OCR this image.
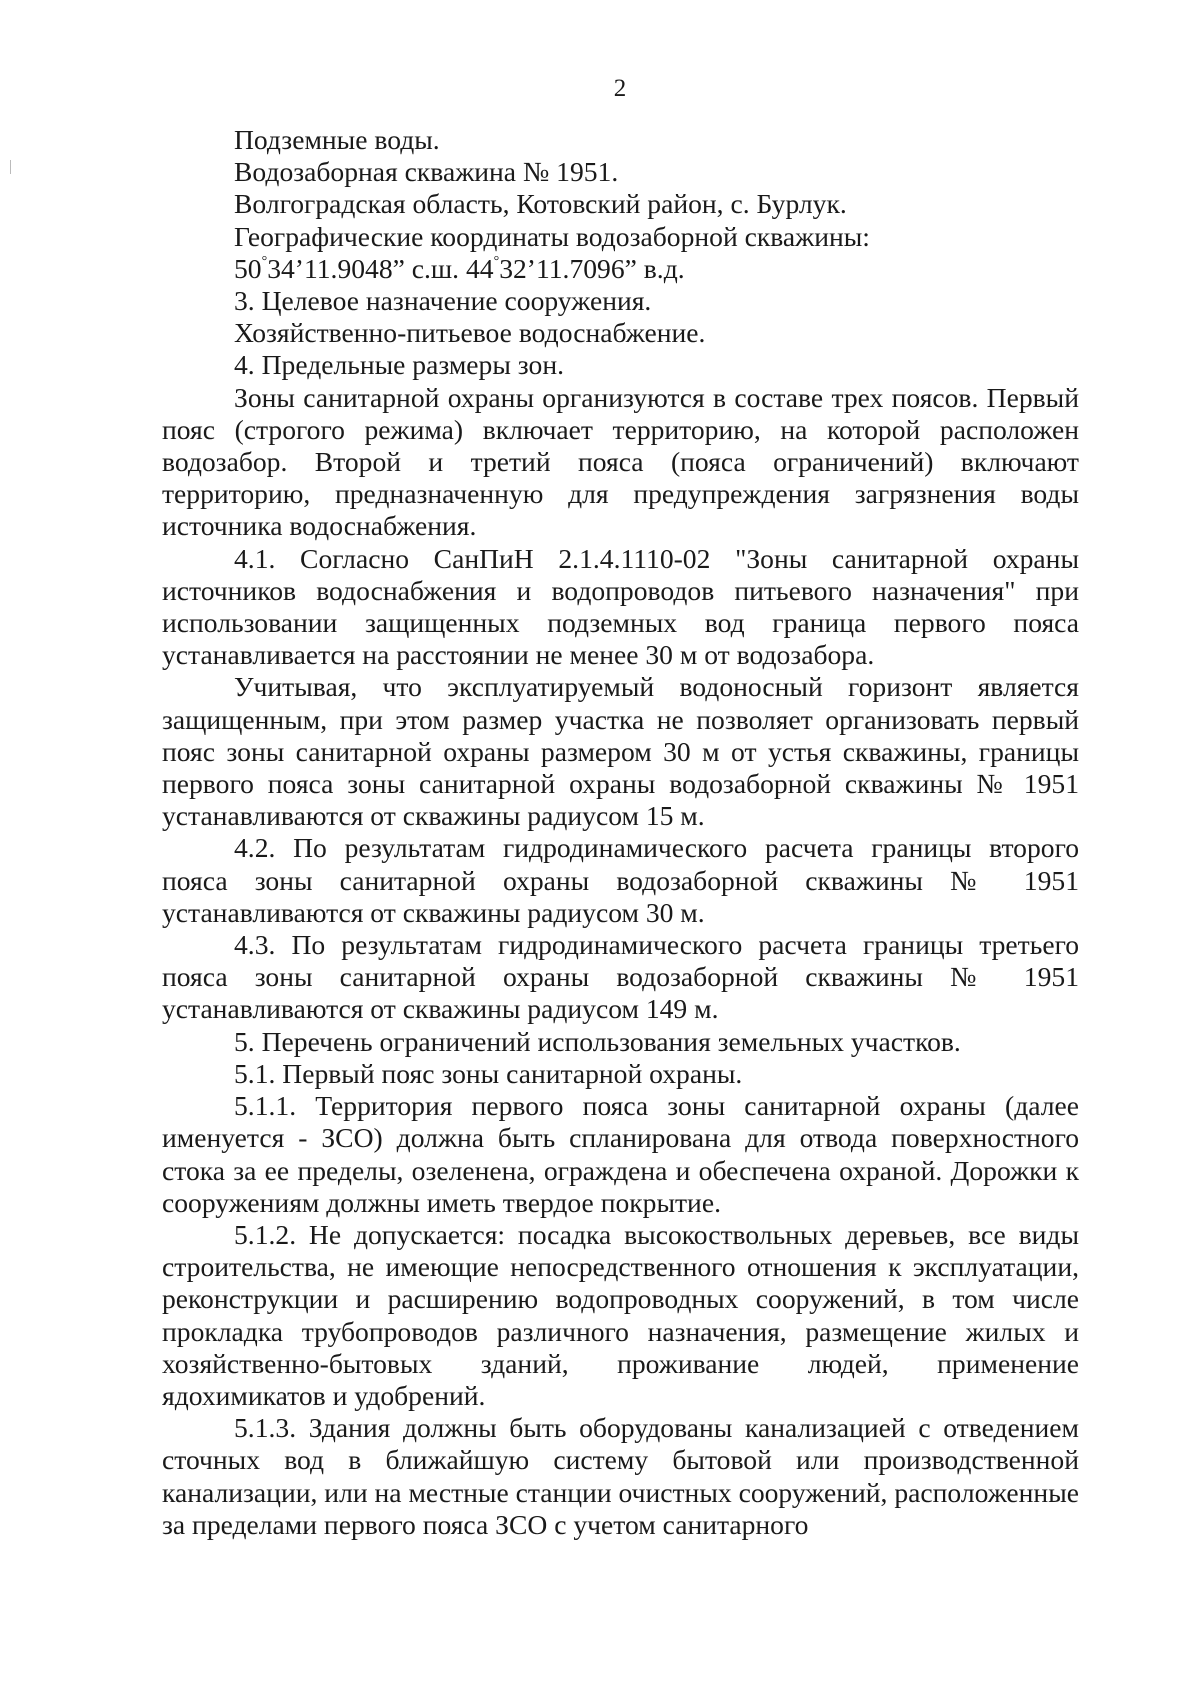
2

Подземные воды.

Водозаборная скважина № 1951.

Волгоградская область, Котовский район, с. Бурлук.

Географические координаты водозаборной скважины:

50°34’11.9048” с.ш. 44°32’11.7096” в.д.

3. Целевое назначение сооружения.

Хозяйственно-питьевое водоснабжение.

4. Предельные размеры зон.

Зоны санитарной охраны организуются в составе трех поясов. Первый пояс (строгого режима) включает территорию, на которой расположен водозабор. Второй и третий пояса (пояса ограничений) включают территорию, предназначенную для предупреждения загрязнения воды источника водоснабжения.

4.1. Согласно СанПиН 2.1.4.1110-02 "Зоны санитарной охраны источников водоснабжения и водопроводов питьевого назначения" при использовании защищенных подземных вод граница первого пояса устанавливается на расстоянии не менее 30 м от водозабора.

Учитывая, что эксплуатируемый водоносный горизонт является защищенным, при этом размер участка не позволяет организовать первый пояс зоны санитарной охраны размером 30 м от устья скважины, границы первого пояса зоны санитарной охраны водозаборной скважины № 1951 устанавливаются от скважины радиусом 15 м.

4.2. По результатам гидродинамического расчета границы второго пояса зоны санитарной охраны водозаборной скважины № 1951 устанавливаются от скважины радиусом 30 м.

4.3. По результатам гидродинамического расчета границы третьего пояса зоны санитарной охраны водозаборной скважины № 1951 устанавливаются от скважины радиусом 149 м.

5. Перечень ограничений использования земельных участков.

5.1. Первый пояс зоны санитарной охраны.

5.1.1. Территория первого пояса зоны санитарной охраны (далее именуется - ЗСО) должна быть спланирована для отвода поверхностного стока за ее пределы, озеленена, ограждена и обеспечена охраной. Дорожки к сооружениям должны иметь твердое покрытие.

5.1.2. Не допускается: посадка высокоствольных деревьев, все виды строительства, не имеющие непосредственного отношения к эксплуатации, реконструкции и расширению водопроводных сооружений, в том числе прокладка трубопроводов различного назначения, размещение жилых и хозяйственно-бытовых зданий, проживание людей, применение ядохимикатов и удобрений.

5.1.3. Здания должны быть оборудованы канализацией с отведением сточных вод в ближайшую систему бытовой или производственной канализации, или на местные станции очистных сооружений, расположенные за пределами первого пояса ЗСО с учетом санитарного
